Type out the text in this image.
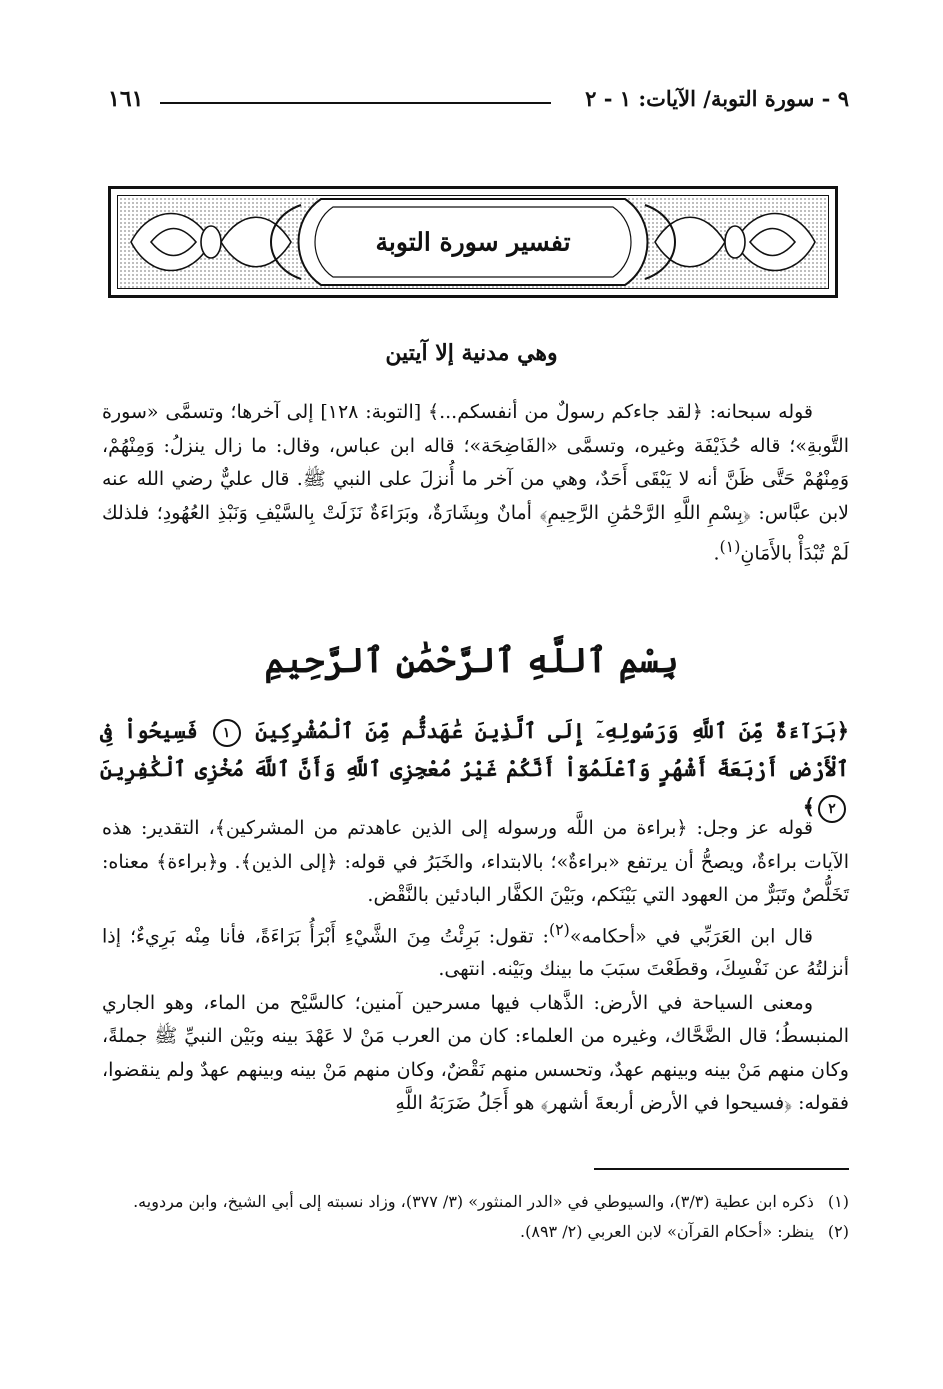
٩ - سورة التوبة/ الآيات: ١ - ٢
١٦١
تفسير سورة التوبة
وهي مدنية إلا آيتين

قوله سبحانه: ﴿لقد جاءكم رسولٌ من أنفسكم...﴾ [التوبة: ١٢٨] إلى آخرها؛ وتسمَّى «سورة التَّوبةِ»؛ قاله حُذَيْفَة وغيره، وتسمَّى «الفَاضِحَة»؛ قاله ابن عباس، وقال: ما زال ينزلُ: وَمِنْهُمْ، وَمِنْهُمْ حَتَّى ظَنَّ أنه لا يَبْقَى أَحَدٌ، وهي من آخر ما أُنزلَ على النبي ﷺ. قال عليٌّ رضي الله عنه لابن عبَّاس: ﴿بِسْمِ اللَّهِ الرَّحْمَٰنِ الرَّحِيمِ﴾ أمانٌ وبِشَارَةٌ، وبَرَاءَةٌ نَزَلَتْ بِالسَّيْفِ وَنَبْذِ العُهُودِ؛ فلذلك لَمْ تُبْدَأْ بالأَمَانِ$^{(١)}$.

بِسْمِ ٱللَّهِ ٱلرَّحْمَٰنِ ٱلرَّحِيمِ
﴿بَرَآءَةٌ مِّنَ ٱللَّهِ وَرَسُولِهِۦٓ إِلَى ٱلَّذِينَ عَٰهَدتُّم مِّنَ ٱلْمُشْرِكِينَ ١ فَسِيحُواْ فِى ٱلْأَرْضِ أَرْبَعَةَ أَشْهُرٍ وَٱعْلَمُوٓاْ أَنَّكُمْ غَيْرُ مُعْجِزِى ٱللَّهِ وَأَنَّ ٱللَّهَ مُخْزِى ٱلْكَٰفِرِينَ ٢﴾

قوله عز وجل: ﴿براءة من اللَّه ورسوله إلى الذين عاهدتم من المشركين﴾، التقدير: هذه الآيات براءةٌ، ويصحُّ أن يرتفع «براءةٌ»؛ بالابتداء، والخَبَرُ في قوله: ﴿إلى الذين﴾. و﴿براءة﴾ معناه: تَخَلُّصٌ وتَبَرٌّ من العهود التي بَيْنَكم، وبَيْنَ الكفَّار البادئين بالنَّقْض.

قال ابن العَرَبِّي في «أحكامه»$^{(٢)}$: تقول: بَرِئْتُ مِنَ الشَّيْءِ أَبْرَأُ بَرَاءَةً، فأنا مِنْه بَرِيءٌ؛ إذا أنزلتُهُ عن نَفْسِكَ، وقطَعْتَ سبَبَ ما بينك وبَيْنه. انتهى.

ومعنى السياحة في الأرض: الذَّهاب فيها مسرحين آمنين؛ كالسَّيْح من الماء، وهو الجاري المنبسطُ؛ قال الضَّحَّاك، وغيره من العلماء: كان من العرب مَنْ لا عَهْدَ بينه وبَيْن النبيِّ ﷺ جملةً، وكان منهم مَنْ بينه وبينهم عهدٌ، وتحسس منهم نَقْضٌ، وكان منهم مَنْ بينه وبينهم عهدٌ ولم ينقضوا، فقوله: ﴿فسيحوا في الأرض أربعةَ أشهر﴾ هو أَجَلُ ضَرَبَهُ اللَّهِ

(١)ذكره ابن عطية (٣/٣)، والسيوطي في «الدر المنثور» (٣/ ٣٧٧)، وزاد نسبته إلى أبي الشيخ، وابن مردويه.

(٢)ينظر: «أحكام القرآن» لابن العربي (٢/ ٨٩٣).
